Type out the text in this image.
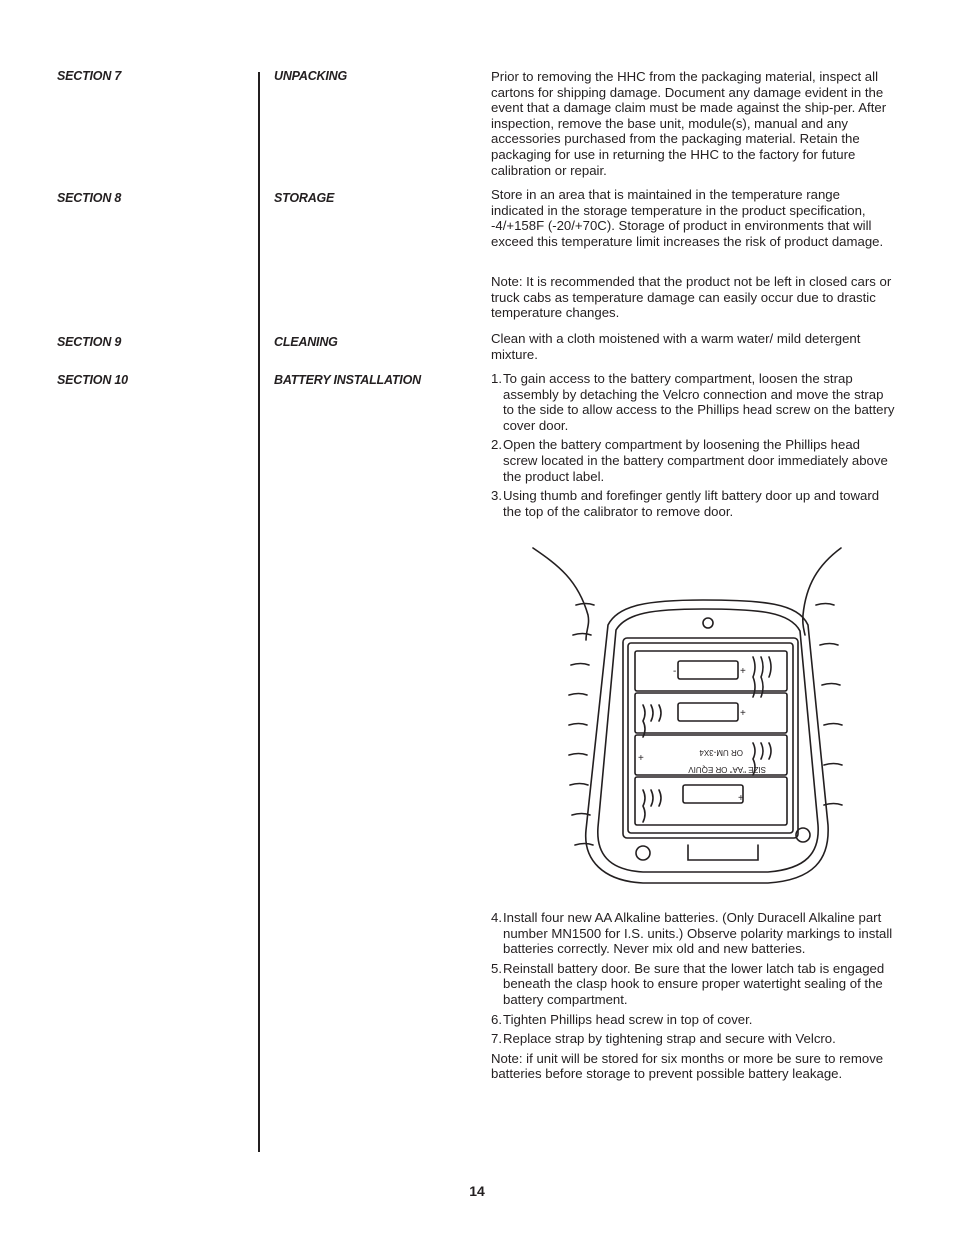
SECTION 7
SECTION 8
SECTION 9
SECTION 10
UNPACKING
STORAGE
CLEANING
BATTERY INSTALLATION

Prior to removing the HHC from the packaging material, inspect all cartons for shipping damage. Document any damage evident in the event that a damage claim must be made against the ship-per. After inspection, remove the base unit, module(s), manual and any accessories purchased from the packaging material. Retain the packaging for use in returning the HHC to the factory for future calibration or repair.

Store in an area that is maintained in the temperature range indicated in the storage temperature in the product specification, -4/+158F (-20/+70C). Storage of product in environments that will exceed this temperature limit increases the risk of product damage.

Note: It is recommended that the product not be left in closed cars or truck cabs as temperature damage can easily occur due to drastic temperature changes.

Clean with a cloth moistened with a warm water/ mild detergent mixture.

1. To gain access to the battery compartment, loosen the strap assembly by detaching the Velcro connection and move the strap to the side to allow access to the Phillips head screw on the battery cover door.
2. Open the battery compartment by loosening the Phillips head screw located in the battery compartment door immediately above the product label.
3. Using thumb and forefinger gently lift battery door up and toward the top of the calibrator to remove door.
-	+
+
+
+
OR UM-3X4
SIZE "AA" OR EQUIV
4. Install four new AA Alkaline batteries. (Only Duracell Alkaline part number MN1500 for I.S. units.) Observe polarity markings to install batteries correctly. Never mix old and new batteries.
5. Reinstall battery door. Be sure that the lower latch tab is engaged beneath the clasp hook to ensure proper watertight sealing of the battery compartment.
6. Tighten Phillips head screw in top of cover.
7. Replace strap by tightening strap and secure with Velcro.

Note: if unit will be stored for six months or more be sure to remove batteries before storage to prevent possible battery leakage.

14
